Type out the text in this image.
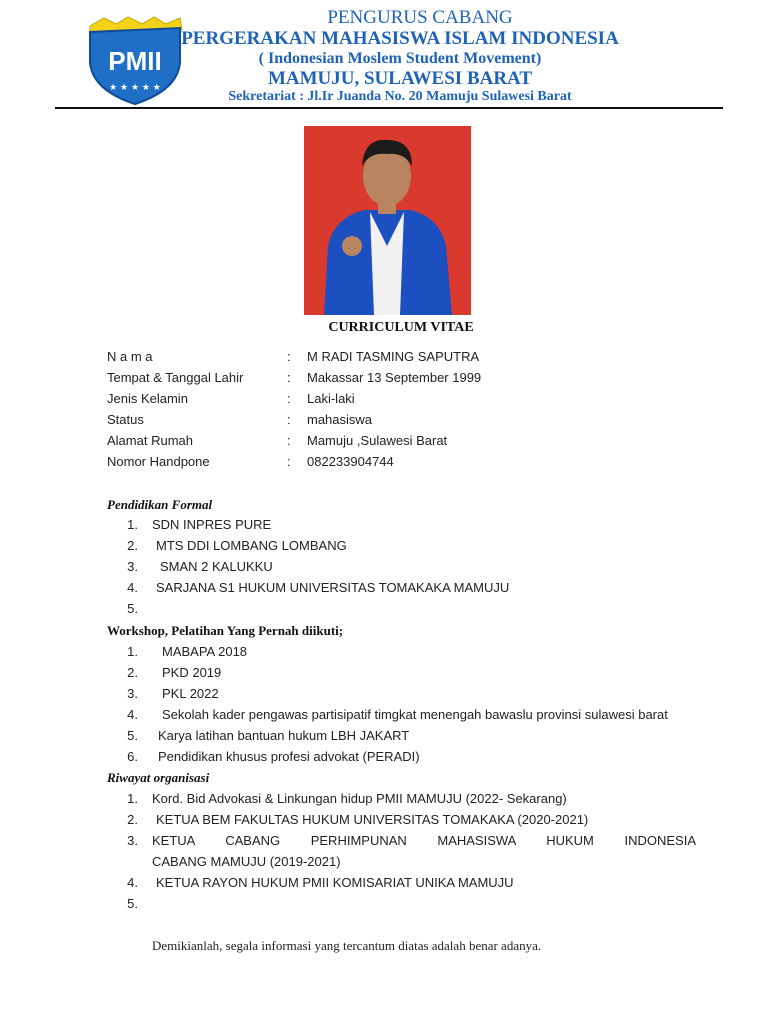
PMII
★ ★ ★ ★ ★
PENGURUS CABANG
PERGERAKAN MAHASISWA ISLAM INDONESIA
( Indonesian Moslem Student Movement)
MAMUJU, SULAWESI BARAT
Sekretariat : Jl.Ir Juanda No. 20 Mamuju Sulawesi Barat
CURRICULUM VITAE
N a m a	: M RADI TASMING SAPUTRA
Tempat & Tanggal Lahir	: Makassar 13 September 1999
Jenis Kelamin	: Laki-laki
Status	: mahasiswa
Alamat Rumah	: Mamuju ,Sulawesi Barat
Nomor Handpone	: 082233904744
Pendidikan Formal
1. SDN INPRES PURE
2. MTS DDI LOMBANG LOMBANG
3. SMAN 2 KALUKKU
4. SARJANA S1 HUKUM UNIVERSITAS TOMAKAKA MAMUJU
5.
Workshop, Pelatihan Yang Pernah diikuti;
1. MABAPA 2018
2. PKD 2019
3. PKL 2022
4. Sekolah kader pengawas partisipatif timgkat menengah bawaslu provinsi sulawesi barat
5. Karya latihan bantuan hukum LBH JAKART
6. Pendidikan khusus profesi advokat (PERADI)
Riwayat organisasi
1. Kord. Bid Advokasi & Linkungan hidup PMII MAMUJU (2022- Sekarang)
2. KETUA BEM FAKULTAS HUKUM UNIVERSITAS TOMAKAKA (2020-2021)
3. KETUA CABANG PERHIMPUNAN MAHASISWA HUKUM INDONESIA
CABANG MAMUJU (2019-2021)
4. KETUA RAYON HUKUM PMII KOMISARIAT UNIKA MAMUJU
5.
Demikianlah, segala informasi yang tercantum diatas adalah benar adanya.
